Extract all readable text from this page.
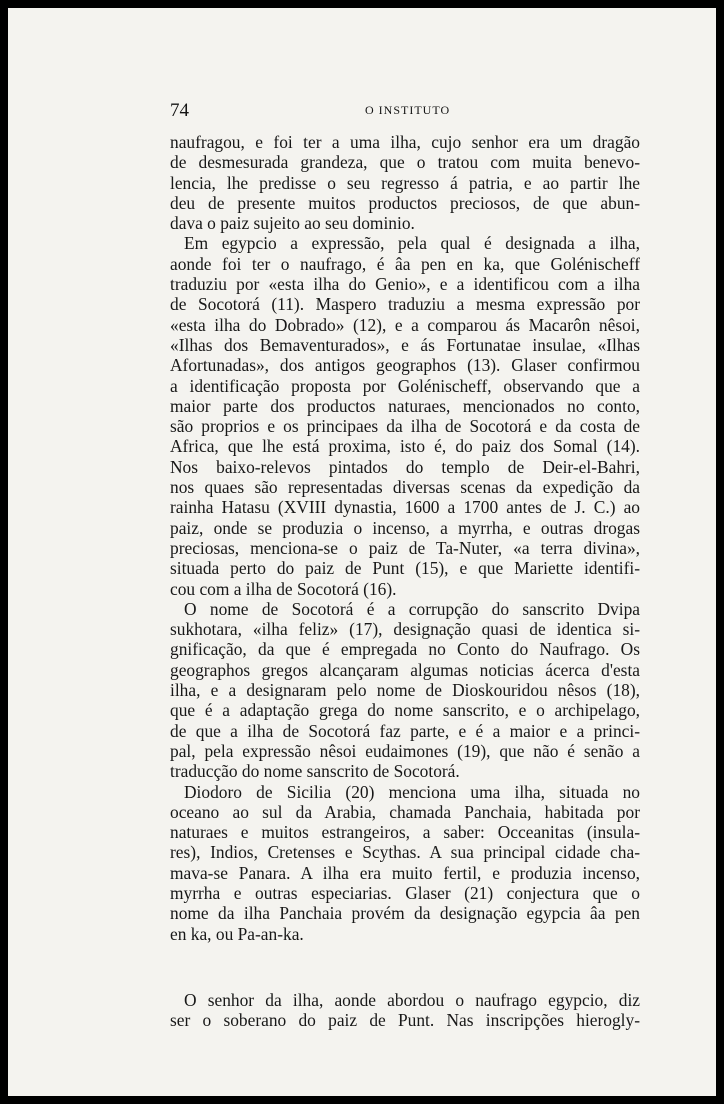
74	O INSTITUTO
naufragou, e foi ter a uma ilha, cujo senhor era um dragão
de desmesurada grandeza, que o tratou com muita benevo-
lencia, lhe predisse o seu regresso á patria, e ao partir lhe
deu de presente muitos productos preciosos, de que abun-
dava o paiz sujeito ao seu dominio.
Em egypcio a expressão, pela qual é designada a ilha,
aonde foi ter o naufrago, é âa pen en ka, que Golénischeff
traduziu por «esta ilha do Genio», e a identificou com a ilha
de Socotorá (11). Maspero traduziu a mesma expressão por
«esta ilha do Dobrado» (12), e a comparou ás Macarôn nêsoi,
«Ilhas dos Bemaventurados», e ás Fortunatae insulae, «Ilhas
Afortunadas», dos antigos geographos (13). Glaser confirmou
a identificação proposta por Golénischeff, observando que a
maior parte dos productos naturaes, mencionados no conto,
são proprios e os principaes da ilha de Socotorá e da costa de
Africa, que lhe está proxima, isto é, do paiz dos Somal (14).
Nos baixo-relevos pintados do templo de Deir-el-Bahri,
nos quaes são representadas diversas scenas da expedição da
rainha Hatasu (XVIII dynastia, 1600 a 1700 antes de J. C.) ao
paiz, onde se produzia o incenso, a myrrha, e outras drogas
preciosas, menciona-se o paiz de Ta-Nuter, «a terra divina»,
situada perto do paiz de Punt (15), e que Mariette identifi-
cou com a ilha de Socotorá (16).
O nome de Socotorá é a corrupção do sanscrito Dvipa
sukhotara, «ilha feliz» (17), designação quasi de identica si-
gnificação, da que é empregada no Conto do Naufrago. Os
geographos gregos alcançaram algumas noticias ácerca d'esta
ilha, e a designaram pelo nome de Dioskouridou nêsos (18),
que é a adaptação grega do nome sanscrito, e o archipelago,
de que a ilha de Socotorá faz parte, e é a maior e a princi-
pal, pela expressão nêsoi eudaimones (19), que não é senão a
traducção do nome sanscrito de Socotorá.
Diodoro de Sicilia (20) menciona uma ilha, situada no
oceano ao sul da Arabia, chamada Panchaia, habitada por
naturaes e muitos estrangeiros, a saber: Occeanitas (insula-
res), Indios, Cretenses e Scythas. A sua principal cidade cha-
mava-se Panara. A ilha era muito fertil, e produzia incenso,
myrrha e outras especiarias. Glaser (21) conjectura que o
nome da ilha Panchaia provém da designação egypcia âa pen
en ka, ou Pa-an-ka.
O senhor da ilha, aonde abordou o naufrago egypcio, diz
ser o soberano do paiz de Punt. Nas inscripções hierogly-
